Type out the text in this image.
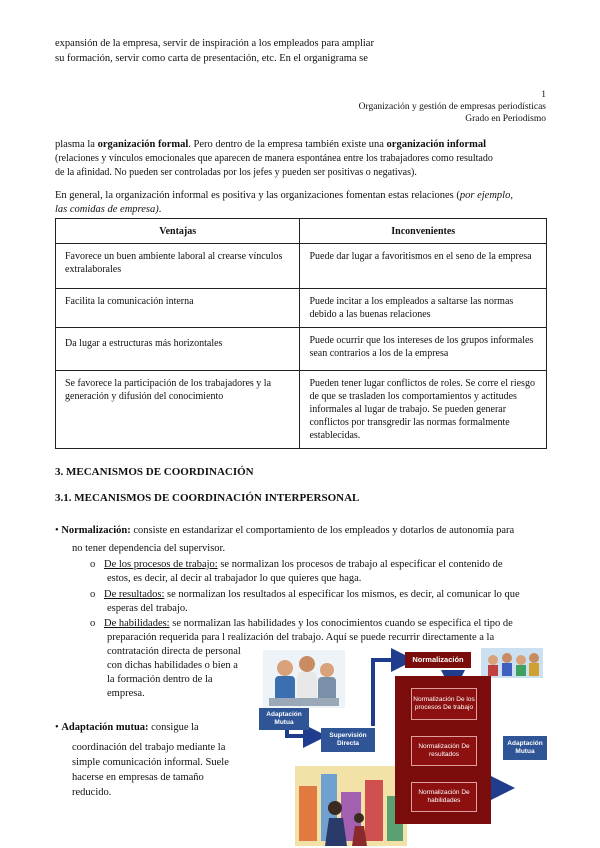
expansión de la empresa, servir de inspiración a los empleados para ampliar
su formación, servir como carta de presentación, etc. En el organigrama se
1
Organización y gestión de empresas periodísticas
Grado en Periodismo
plasma la organización formal. Pero dentro de la empresa también existe una organización informal
(relaciones y vínculos emocionales que aparecen de manera espontánea entre los trabajadores como resultado
de la afinidad. No pueden ser controladas por los jefes y pueden ser positivas o negativas).
En general, la organización informal es positiva y las organizaciones fomentan estas relaciones (por ejemplo,
las comidas de empresa).
Ventajas	Inconvenientes
Favorece un buen ambiente laboral al crearse vínculos extralaborales	Puede dar lugar a favoritismos en el seno de la empresa
Facilita la comunicación interna	Puede incitar a los empleados a saltarse las normas debido a las buenas relaciones
Da lugar a estructuras más horizontales	Puede ocurrir que los intereses de los grupos informales sean contrarios a los de la empresa
Se favorece la participación de los trabajadores y la generación y difusión del conocimiento	Pueden tener lugar conflictos de roles. Se corre el riesgo de que se trasladen los comportamientos y actitudes informales al lugar de trabajo. Se pueden generar conflictos por transgredir las normas formalmente establecidas.
3. MECANISMOS DE COORDINACIÓN
3.1. MECANISMOS DE COORDINACIÓN INTERPERSONAL
• Normalización: consiste en estandarizar el comportamiento de los empleados y dotarlos de autonomía para
no tener dependencia del supervisor.
o De los procesos de trabajo: se normalizan los procesos de trabajo al especificar el contenido de
estos, es decir, al decir al trabajador lo que quieres que haga.
o De resultados: se normalizan los resultados al especificar los mismos, es decir, al comunicar lo que
esperas del trabajo.
o De habilidades: se normalizan las habilidades y los conocimientos cuando se especifica el tipo de
preparación requerida para l realización del trabajo. Aquí se puede recurrir directamente a la
contratación directa de personal
con dichas habilidades o bien a
la formación dentro de la
empresa.
• Adaptación mutua: consigue la
coordinación del trabajo mediante la
simple comunicación informal. Suele
hacerse en empresas de tamaño
reducido.
Normalización
Normalización De los procesos De trabajo
Normalización De resultados
Normalización De habilidades
Adaptación Mutua
Supervisión Directa	Adaptación Mutua
